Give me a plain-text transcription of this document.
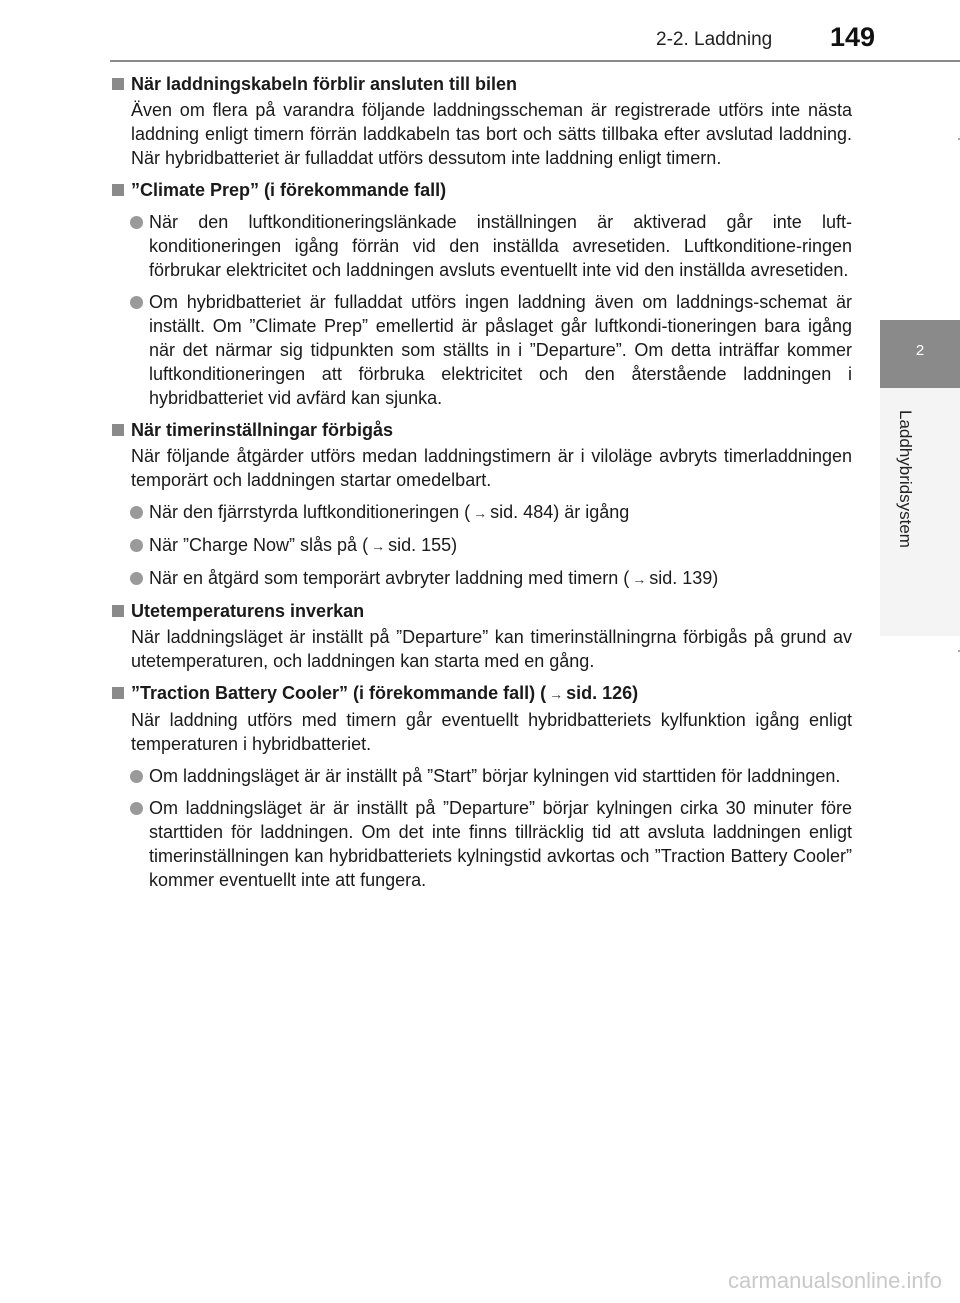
2-2. Laddning 149
2
Laddhybridsystem
När laddningskabeln förblir ansluten till bilen
Även om flera på varandra följande laddningsscheman är registrerade utförs inte nästa laddning enligt timern förrän laddkabeln tas bort och sätts tillbaka efter avslutad laddning. När hybridbatteriet är fulladdat utförs dessutom inte laddning enligt timern.
”Climate Prep” (i förekommande fall)
När den luftkonditioneringslänkade inställningen är aktiverad går inte luft-konditioneringen igång förrän vid den inställda avresetiden. Luftkonditione-ringen förbrukar elektricitet och laddningen avsluts eventuellt inte vid den inställda avresetiden.
Om hybridbatteriet är fulladdat utförs ingen laddning även om laddnings-schemat är inställt. Om ”Climate Prep” emellertid är påslaget går luftkondi-tioneringen bara igång när det närmar sig tidpunkten som ställts in i ”Departure”. Om detta inträffar kommer luftkonditioneringen att förbruka elektricitet och den återstående laddningen i hybridbatteriet vid avfärd kan sjunka.
När timerinställningar förbigås
När följande åtgärder utförs medan laddningstimern är i viloläge avbryts timerladdningen temporärt och laddningen startar omedelbart.
När den fjärrstyrda luftkonditioneringen ( → sid. 484) är igång
När ”Charge Now” slås på ( → sid. 155)
När en åtgärd som temporärt avbryter laddning med timern ( → sid. 139)
Utetemperaturens inverkan
När laddningsläget är inställt på ”Departure” kan timerinställningrna förbigås på grund av utetemperaturen, och laddningen kan starta med en gång.
”Traction Battery Cooler” (i förekommande fall) ( → sid. 126)
När laddning utförs med timern går eventuellt hybridbatteriets kylfunktion igång enligt temperaturen i hybridbatteriet.
Om laddningsläget är är inställt på ”Start” börjar kylningen vid starttiden för laddningen.
Om laddningsläget är är inställt på ”Departure” börjar kylningen cirka 30 minuter före starttiden för laddningen. Om det inte finns tillräcklig tid att avsluta laddningen enligt timerinställningen kan hybridbatteriets kylningstid avkortas och ”Traction Battery Cooler” kommer eventuellt inte att fungera.
carmanualsonline.info
